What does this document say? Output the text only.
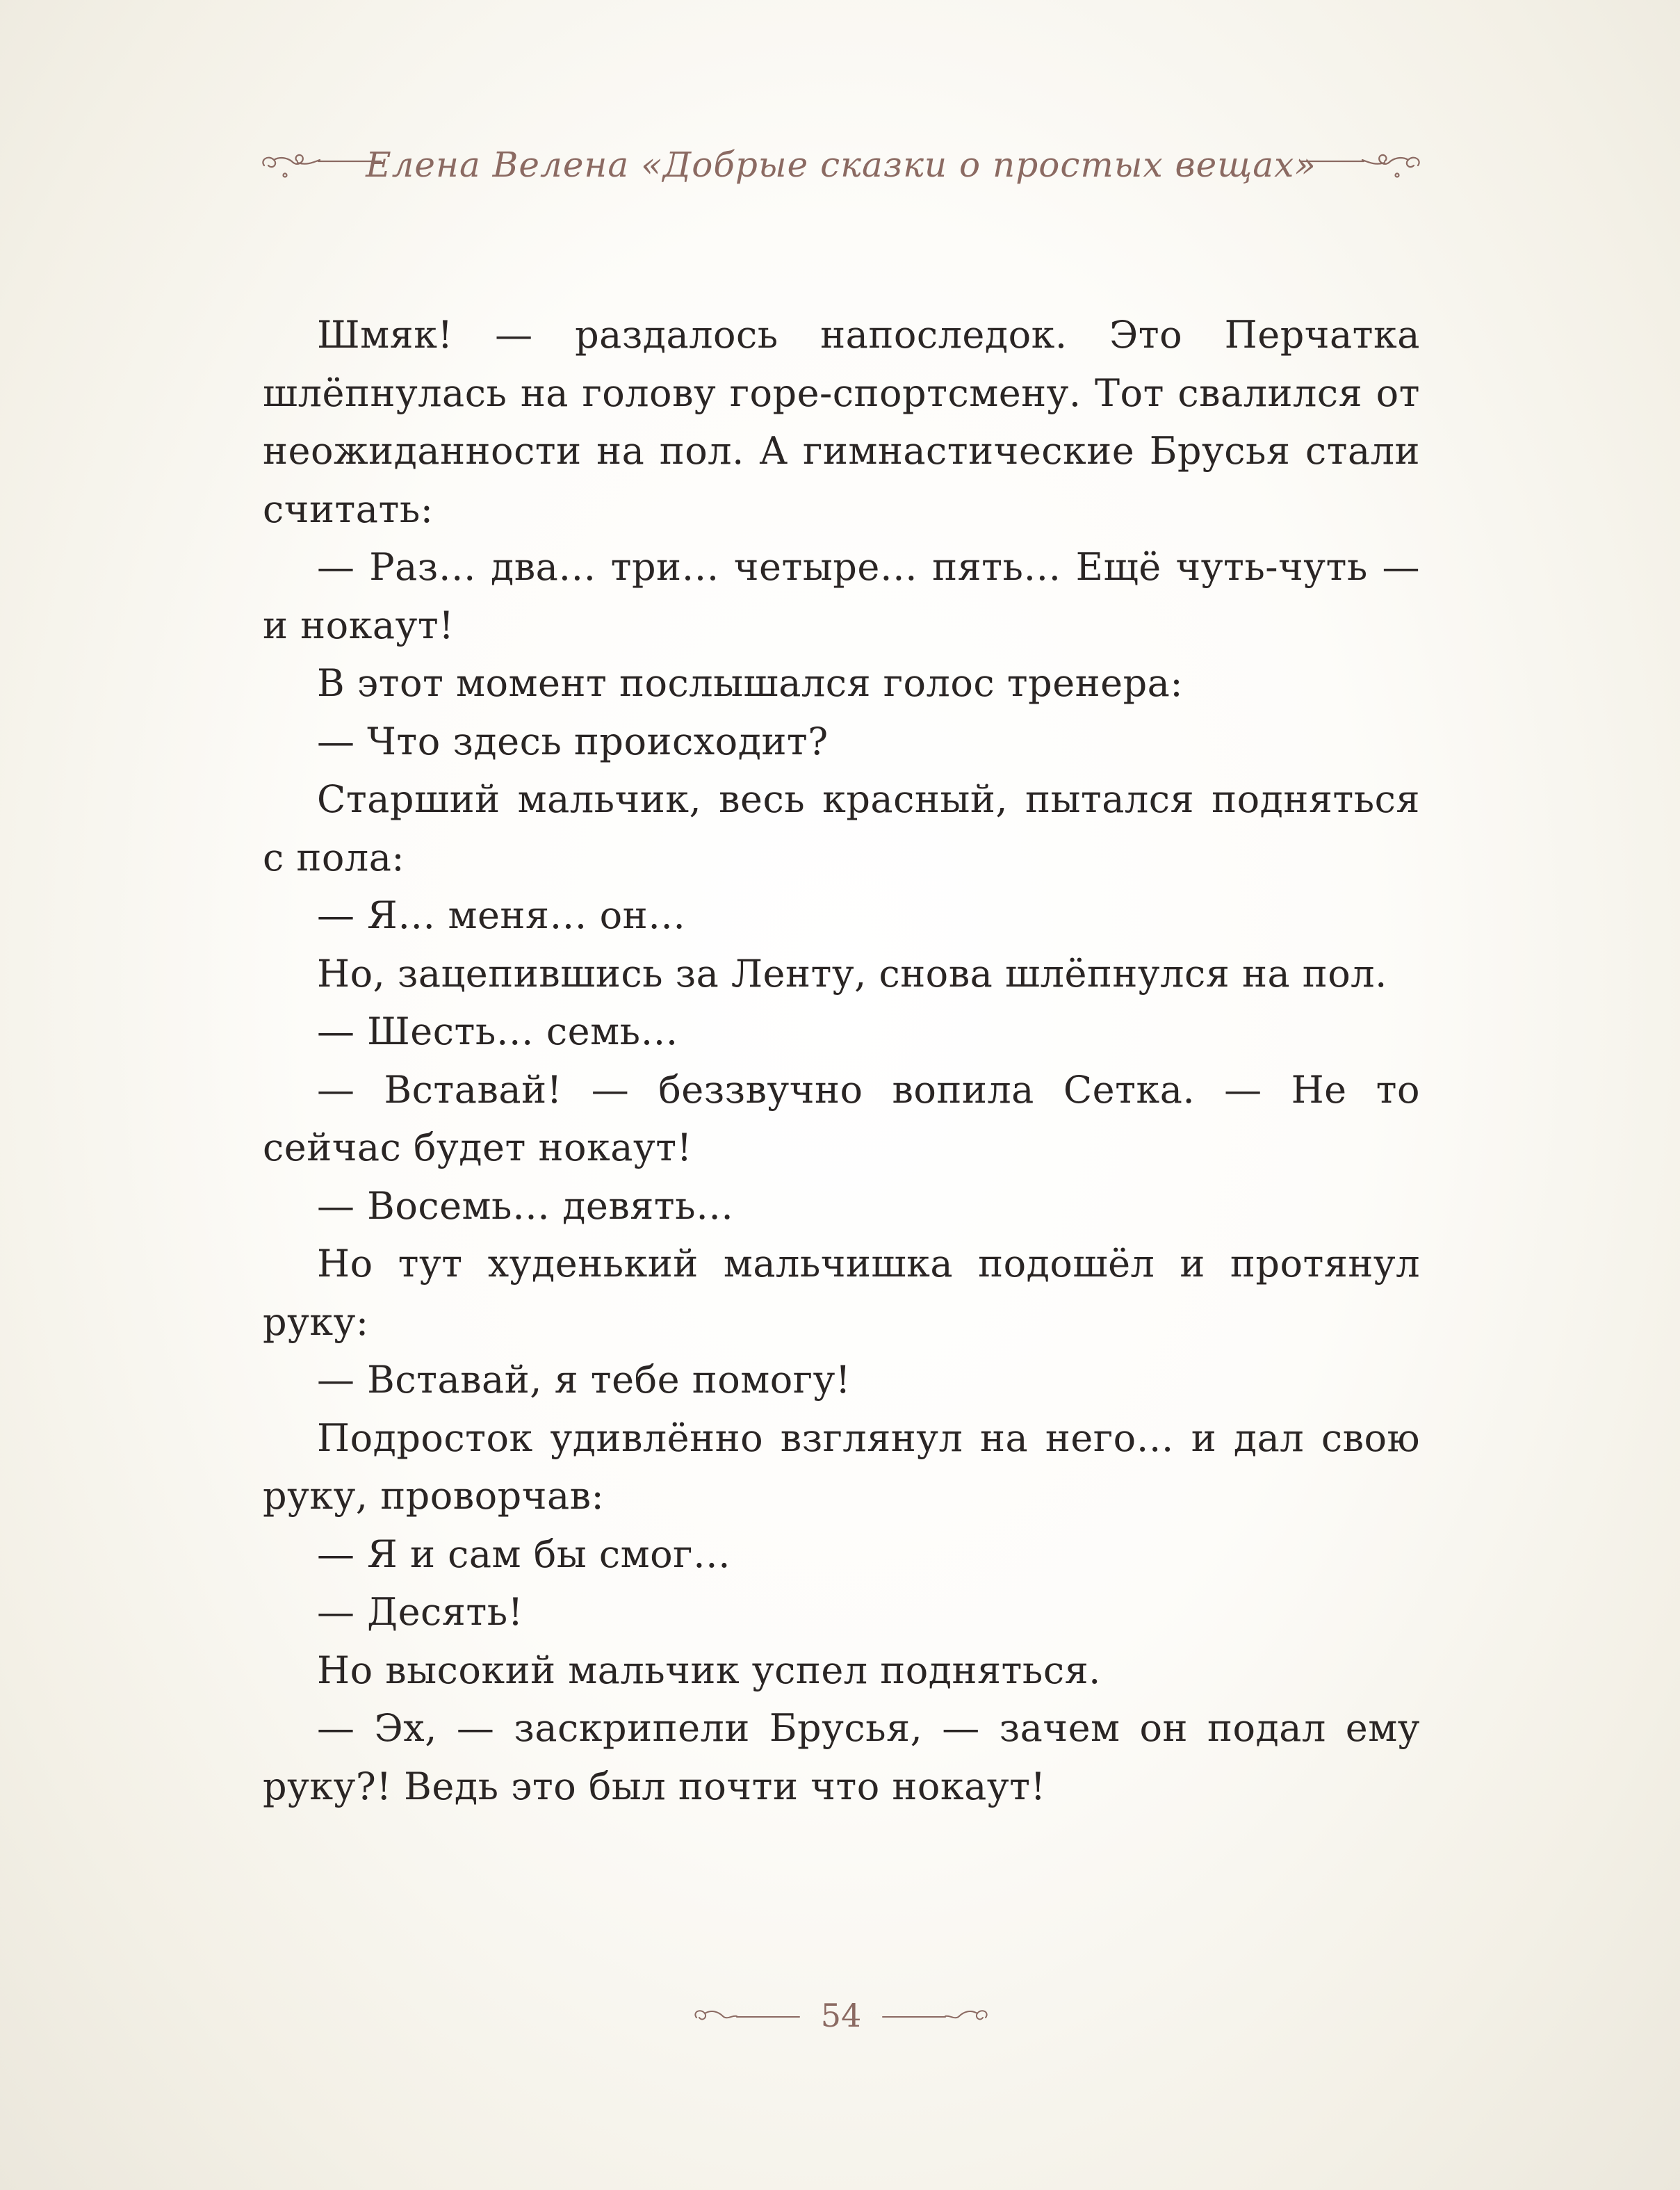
Елена Велена «Добрые сказки о простых вещах»

Шмяк! — раздалось напоследок. Это Перчатка шлёпнулась на голову горе-спортсмену. Тот свалился от неожиданности на пол. А гимнастические Брусья стали считать:

— Раз… два… три… четыре… пять… Ещё чуть-чуть — и нокаут!

В этот момент послышался голос тренера:

— Что здесь происходит?

Старший мальчик, весь красный, пытался подняться с пола:

— Я… меня… он…

Но, зацепившись за Ленту, снова шлёпнулся на пол.

— Шесть… семь…

— Вставай! — беззвучно вопила Сетка. — Не то сейчас будет нокаут!

— Восемь… девять…

Но тут худенький мальчишка подошёл и протянул руку:

— Вставай, я тебе помогу!

Подросток удивлённо взглянул на него… и дал свою руку, проворчав:

— Я и сам бы смог…

— Десять!

Но высокий мальчик успел подняться.

— Эх, — заскрипели Брусья, — зачем он подал ему руку?! Ведь это был почти что нокаут!

54
